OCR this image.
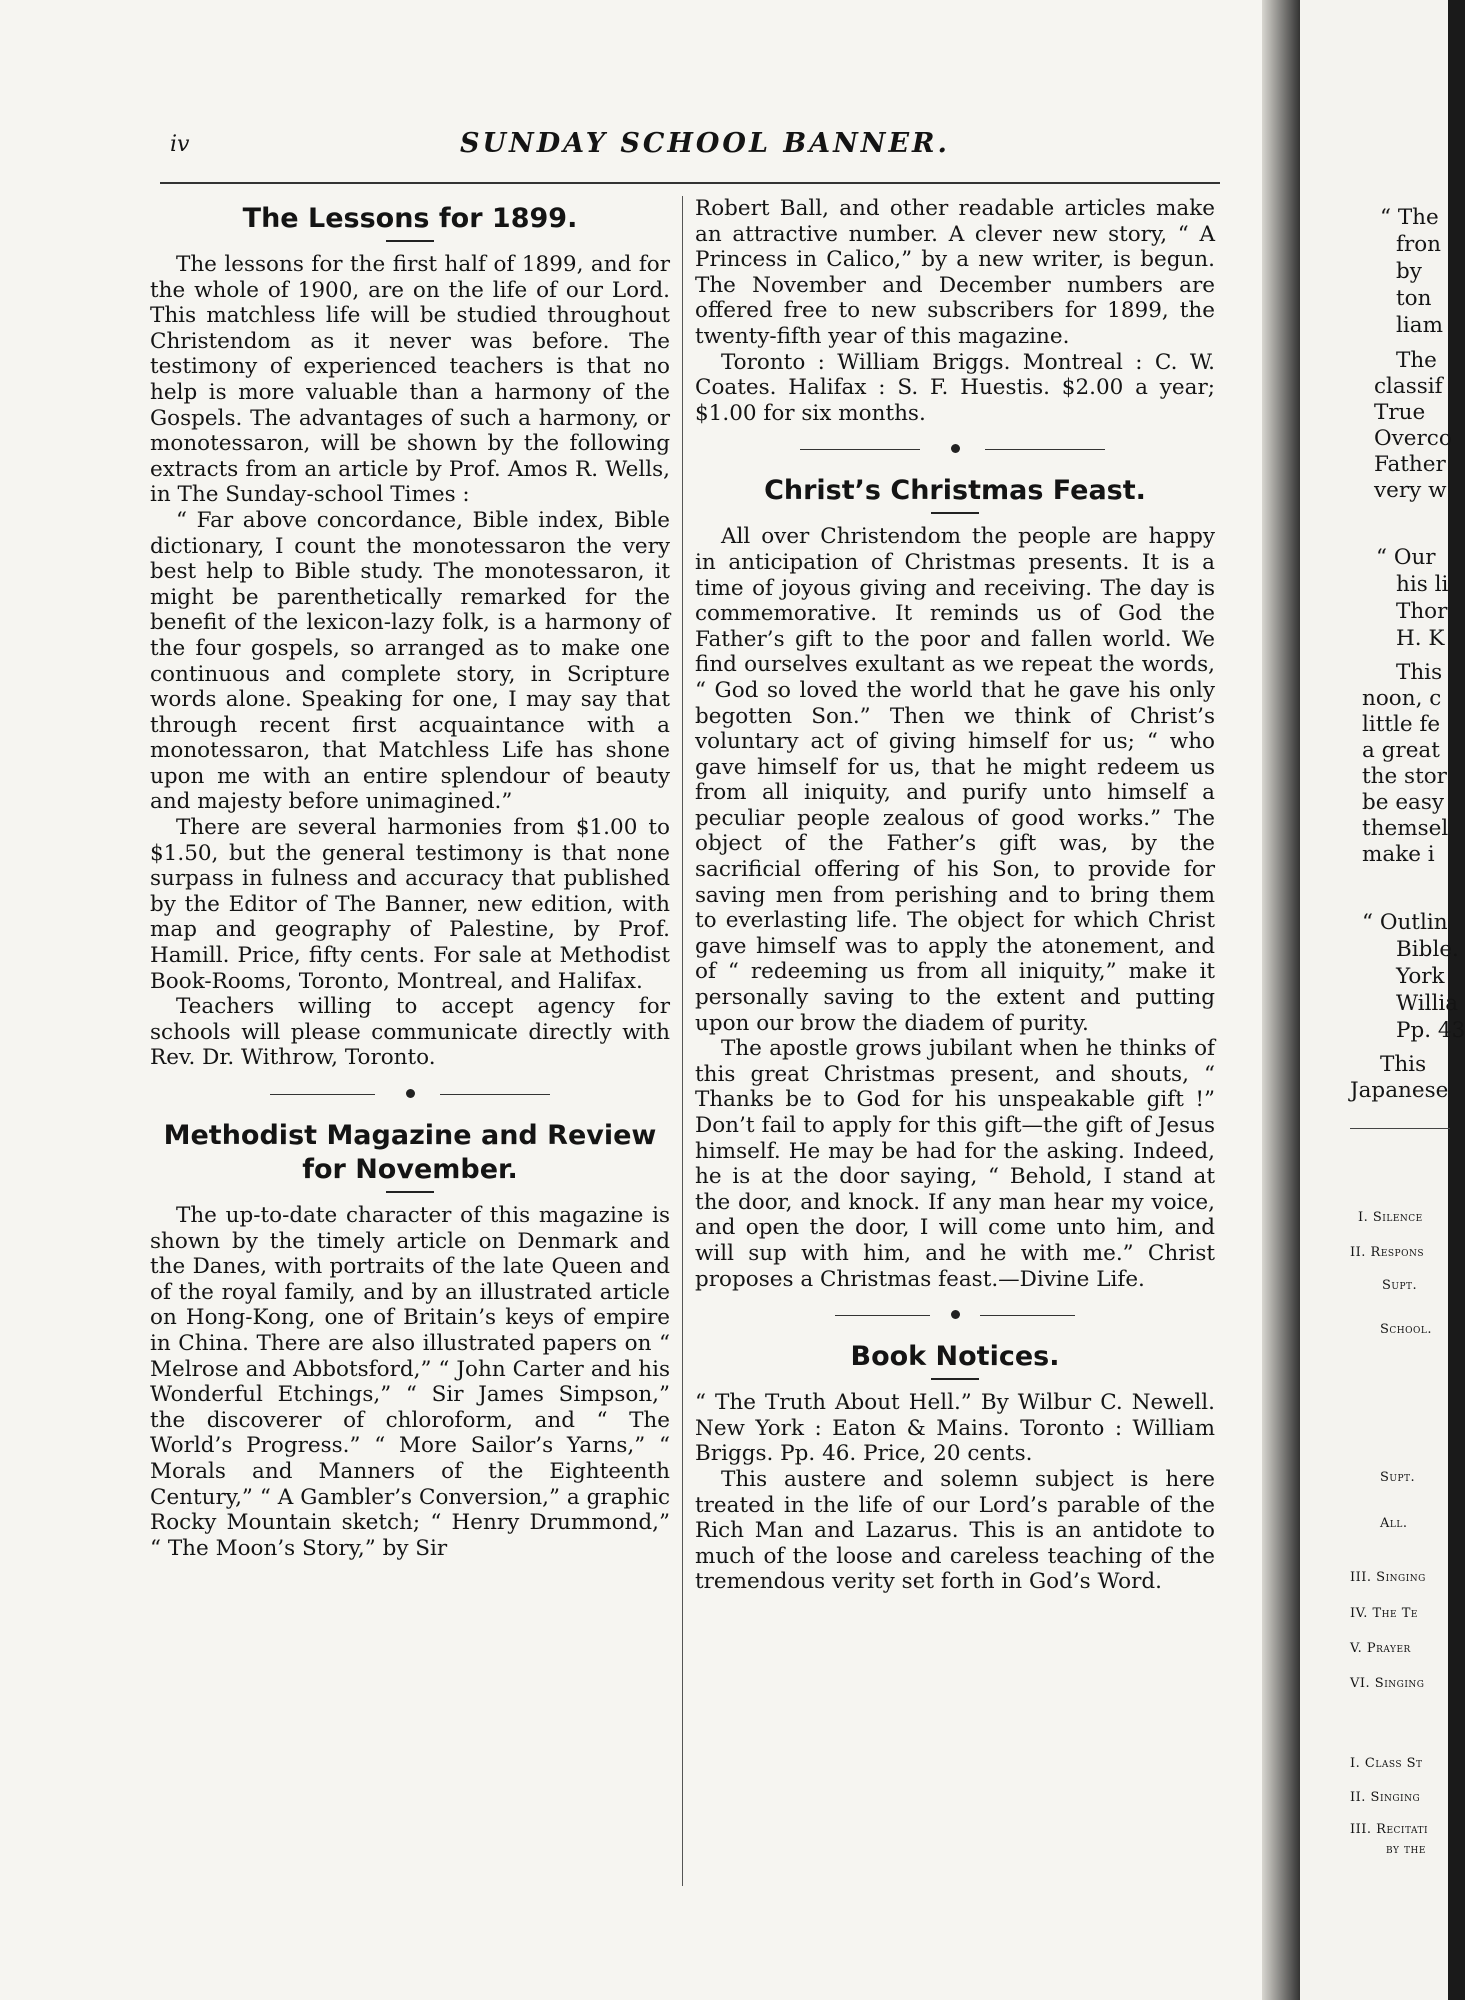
iv	SUNDAY SCHOOL BANNER.
The Lessons for 1899.

The lessons for the first half of 1899, and for the whole of 1900, are on the life of our Lord. This matchless life will be studied throughout Christendom as it never was before. The testimony of experienced teachers is that no help is more valuable than a harmony of the Gospels. The advantages of such a harmony, or monotessaron, will be shown by the following extracts from an article by Prof. Amos R. Wells, in The Sunday-school Times :

“ Far above concordance, Bible index, Bible dictionary, I count the monotessaron the very best help to Bible study. The monotessaron, it might be parenthetically remarked for the benefit of the lexicon-lazy folk, is a harmony of the four gospels, so arranged as to make one continuous and complete story, in Scripture words alone. Speaking for one, I may say that through recent first acquaintance with a monotessaron, that Matchless Life has shone upon me with an entire splendour of beauty and majesty before unimagined.”

There are several harmonies from $1.00 to $1.50, but the general testimony is that none surpass in fulness and accuracy that published by the Editor of The Banner, new edition, with map and geography of Palestine, by Prof. Hamill. Price, fifty cents. For sale at Methodist Book-Rooms, Toronto, Montreal, and Halifax.

Teachers willing to accept agency for schools will please communicate directly with Rev. Dr. Withrow, Toronto.

Methodist Magazine and Review for November.

The up-to-date character of this magazine is shown by the timely article on Denmark and the Danes, with portraits of the late Queen and of the royal family, and by an illustrated article on Hong-Kong, one of Britain’s keys of empire in China. There are also illustrated papers on “ Melrose and Abbotsford,” “ John Carter and his Wonderful Etchings,” “ Sir James Simpson,” the discoverer of chloroform, and “ The World’s Progress.” “ More Sailor’s Yarns,” “ Morals and Manners of the Eighteenth Century,” “ A Gambler’s Conversion,” a graphic Rocky Mountain sketch; “ Henry Drummond,” “ The Moon’s Story,” by Sir

Robert Ball, and other readable articles make an attractive number. A clever new story, “ A Princess in Calico,” by a new writer, is begun. The November and December numbers are offered free to new subscribers for 1899, the twenty-fifth year of this magazine.

Toronto : William Briggs. Montreal : C. W. Coates. Halifax : S. F. Huestis. $2.00 a year; $1.00 for six months.

Christ’s Christmas Feast.

All over Christendom the people are happy in anticipation of Christmas presents. It is a time of joyous giving and receiving. The day is commemorative. It reminds us of God the Father’s gift to the poor and fallen world. We find ourselves exultant as we repeat the words, “ God so loved the world that he gave his only begotten Son.” Then we think of Christ’s voluntary act of giving himself for us; “ who gave himself for us, that he might redeem us from all iniquity, and purify unto himself a peculiar people zealous of good works.” The object of the Father’s gift was, by the sacrificial offering of his Son, to provide for saving men from perishing and to bring them to everlasting life. The object for which Christ gave himself was to apply the atonement, and of “ redeeming us from all iniquity,” make it personally saving to the extent and putting upon our brow the diadem of purity.

The apostle grows jubilant when he thinks of this great Christmas present, and shouts, “ Thanks be to God for his unspeakable gift !” Don’t fail to apply for this gift—the gift of Jesus himself. He may be had for the asking. Indeed, he is at the door saying, “ Behold, I stand at the door, and knock. If any man hear my voice, and open the door, I will come unto him, and will sup with him, and he with me.” Christ proposes a Christmas feast.—Divine Life.

Book Notices.

“ The Truth About Hell.” By Wilbur C. Newell. New York : Eaton & Mains. Toronto : William Briggs. Pp. 46. Price, 20 cents.

This austere and solemn subject is here treated in the life of our Lord’s parable of the Rich Man and Lazarus. This is an antidote to much of the loose and careless teaching of the tremendous verity set forth in God’s Word.

“ The
fron
by
ton
liam
The
classif
True
Overco
Father
very w
“ Our
his li
Thor
H. K
This
noon, c
little fe
a great
the stor
be easy
themsel
make i
“ Outlin
Bible.
York
Willia
Pp. 43
This
Japanese
I. Silence
II. Respons
Supt.
School.
Supt.
All.
III. Singing
IV. The Te
V. Prayer
VI. Singing
I. Class St
II. Singing
III. Recitati
by the
